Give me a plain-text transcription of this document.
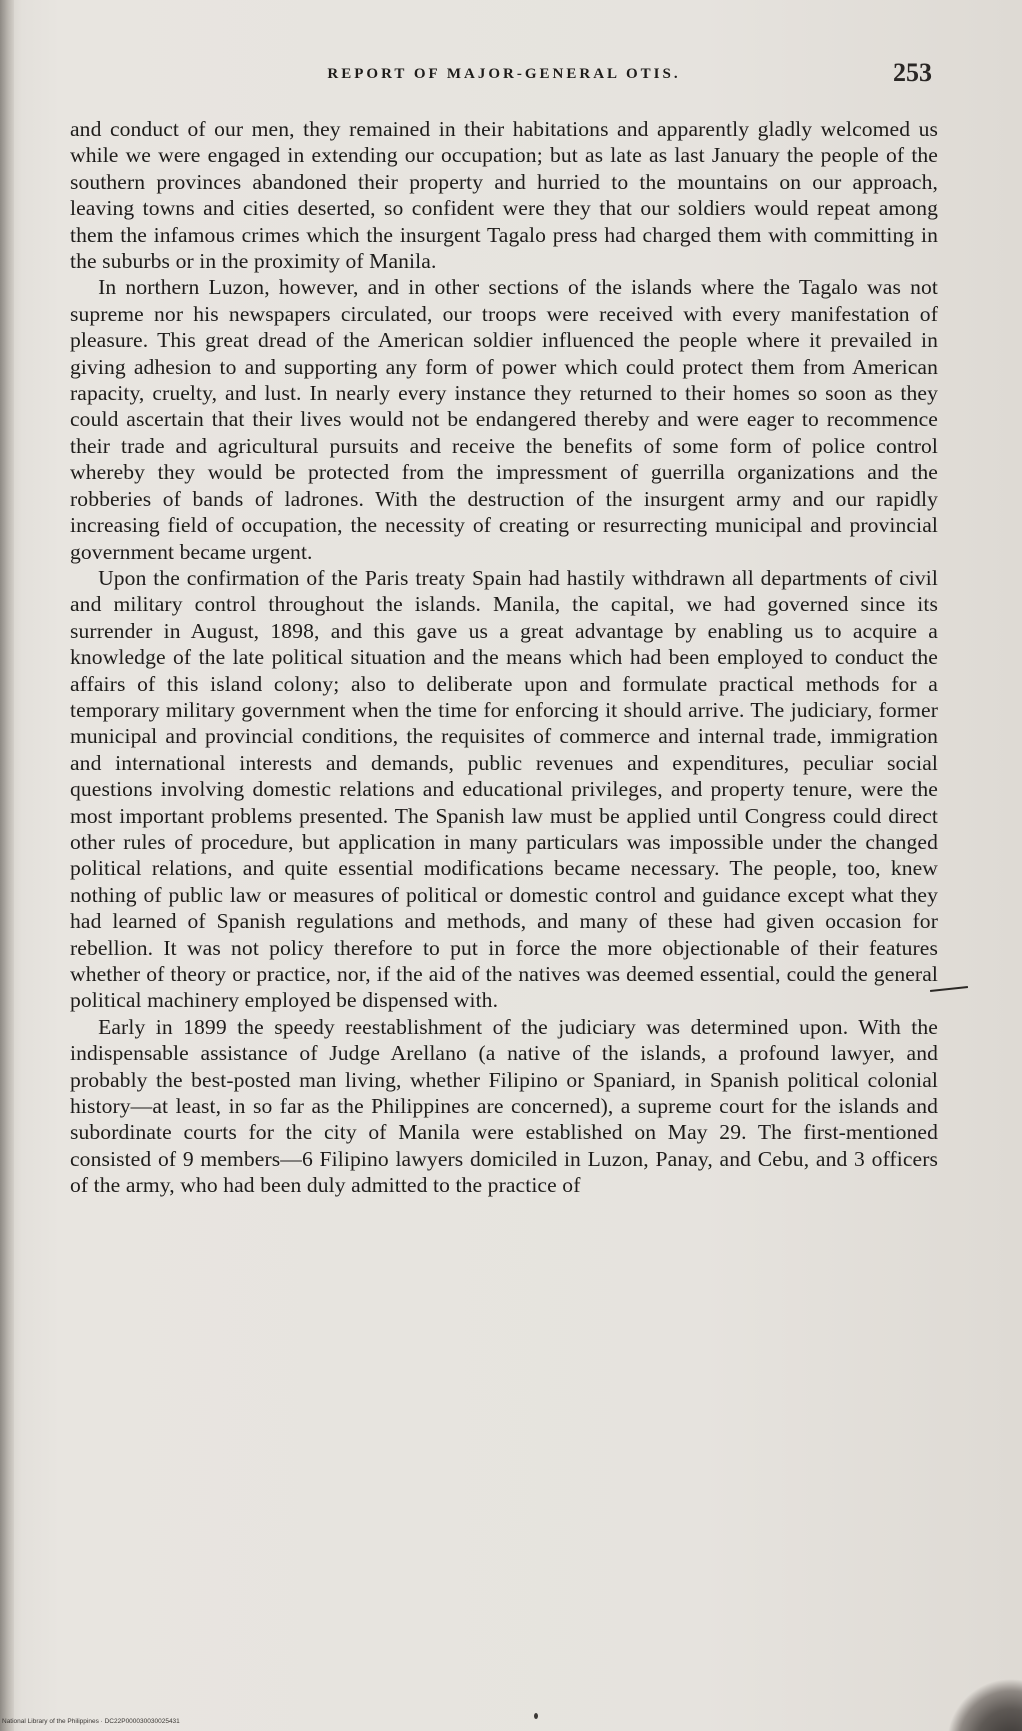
REPORT OF MAJOR-GENERAL OTIS.	253

and conduct of our men, they remained in their habitations and apparently gladly welcomed us while we were engaged in extending our occupation; but as late as last January the people of the southern provinces abandoned their property and hurried to the mountains on our approach, leaving towns and cities deserted, so confident were they that our soldiers would repeat among them the infamous crimes which the insurgent Tagalo press had charged them with committing in the suburbs or in the proximity of Manila.

In northern Luzon, however, and in other sections of the islands where the Tagalo was not supreme nor his newspapers circulated, our troops were received with every manifestation of pleasure. This great dread of the American soldier influenced the people where it prevailed in giving adhesion to and supporting any form of power which could protect them from American rapacity, cruelty, and lust. In nearly every instance they returned to their homes so soon as they could ascertain that their lives would not be endangered thereby and were eager to recommence their trade and agricultural pursuits and receive the benefits of some form of police control whereby they would be protected from the impressment of guerrilla organizations and the robberies of bands of ladrones. With the destruction of the insurgent army and our rapidly increasing field of occupation, the necessity of creating or resurrecting municipal and provincial government became urgent.

Upon the confirmation of the Paris treaty Spain had hastily withdrawn all departments of civil and military control throughout the islands. Manila, the capital, we had governed since its surrender in August, 1898, and this gave us a great advantage by enabling us to acquire a knowledge of the late political situation and the means which had been employed to conduct the affairs of this island colony; also to deliberate upon and formulate practical methods for a temporary military government when the time for enforcing it should arrive. The judiciary, former municipal and provincial conditions, the requisites of commerce and internal trade, immigration and international interests and demands, public revenues and expenditures, peculiar social questions involving domestic relations and educational privileges, and property tenure, were the most important problems presented. The Spanish law must be applied until Congress could direct other rules of procedure, but application in many particulars was impossible under the changed political relations, and quite essential modifications became necessary. The people, too, knew nothing of public law or measures of political or domestic control and guidance except what they had learned of Spanish regulations and methods, and many of these had given occasion for rebellion. It was not policy therefore to put in force the more objectionable of their features whether of theory or practice, nor, if the aid of the natives was deemed essential, could the general political machinery employed be dispensed with.

Early in 1899 the speedy reestablishment of the judiciary was determined upon. With the indispensable assistance of Judge Arellano (a native of the islands, a profound lawyer, and probably the best-posted man living, whether Filipino or Spaniard, in Spanish political colonial history—at least, in so far as the Philippines are concerned), a supreme court for the islands and subordinate courts for the city of Manila were established on May 29. The first-mentioned consisted of 9 members—6 Filipino lawyers domiciled in Luzon, Panay, and Cebu, and 3 officers of the army, who had been duly admitted to the practice of

National Library of the Philippines · DC22P000030030025431
